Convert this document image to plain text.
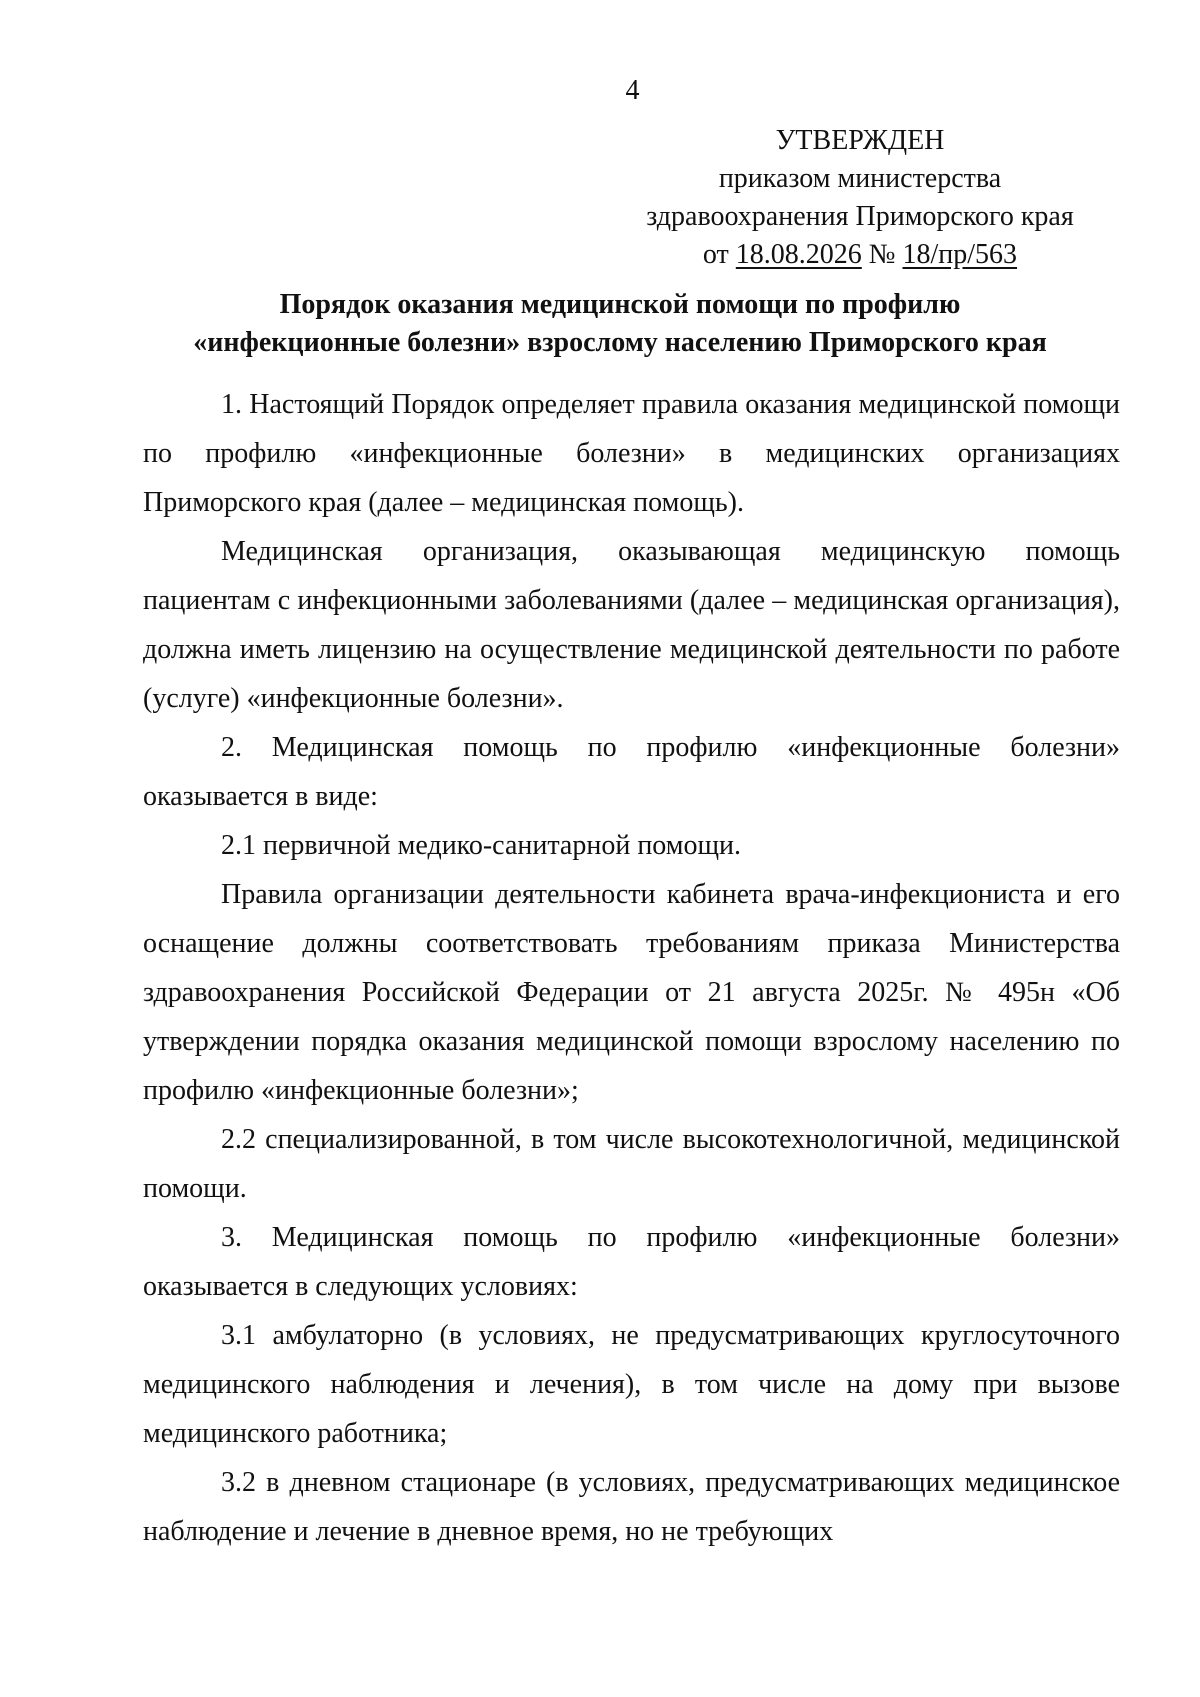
4
УТВЕРЖДЕН
приказом министерства
здравоохранения Приморского края
от 18.08.2026 № 18/пр/563
Порядок оказания медицинской помощи по профилю
«инфекционные болезни» взрослому населению Приморского края

1. Настоящий Порядок определяет правила оказания медицинской помощи по профилю «инфекционные болезни» в медицинских организациях Приморского края (далее – медицинская помощь).

Медицинская организация, оказывающая медицинскую помощь пациентам с инфекционными заболеваниями (далее – медицинская организация), должна иметь лицензию на осуществление медицинской деятельности по работе (услуге) «инфекционные болезни».

2. Медицинская помощь по профилю «инфекционные болезни» оказывается в виде:

2.1 первичной медико-санитарной помощи.

Правила организации деятельности кабинета врача-инфекциониста и его оснащение должны соответствовать требованиям приказа Министерства здравоохранения Российской Федерации от 21 августа 2025г. № 495н «Об утверждении порядка оказания медицинской помощи взрослому населению по профилю «инфекционные болезни»;

2.2 специализированной, в том числе высокотехнологичной, медицинской помощи.

3. Медицинская помощь по профилю «инфекционные болезни» оказывается в следующих условиях:

3.1 амбулаторно (в условиях, не предусматривающих круглосуточного медицинского наблюдения и лечения), в том числе на дому при вызове медицинского работника;

3.2 в дневном стационаре (в условиях, предусматривающих медицинское наблюдение и лечение в дневное время, но не требующих
